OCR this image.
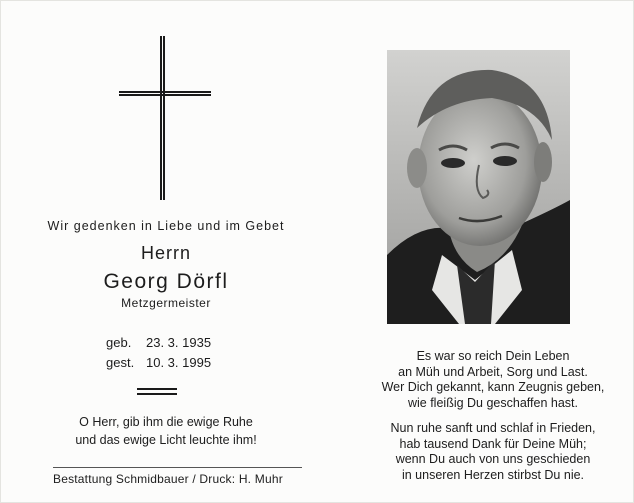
Wir gedenken in Liebe und im Gebet
Herrn
Georg Dörfl
Metzgermeister
geb. 23. 3. 1935
gest. 10. 3. 1995
O Herr, gib ihm die ewige Ruhe
und das ewige Licht leuchte ihm!
Bestattung Schmidbauer / Druck: H. Muhr
Es war so reich Dein Leben
an Müh und Arbeit, Sorg und Last.
Wer Dich gekannt, kann Zeugnis geben,
wie fleißig Du geschaffen hast.
Nun ruhe sanft und schlaf in Frieden,
hab tausend Dank für Deine Müh;
wenn Du auch von uns geschieden
in unseren Herzen stirbst Du nie.
